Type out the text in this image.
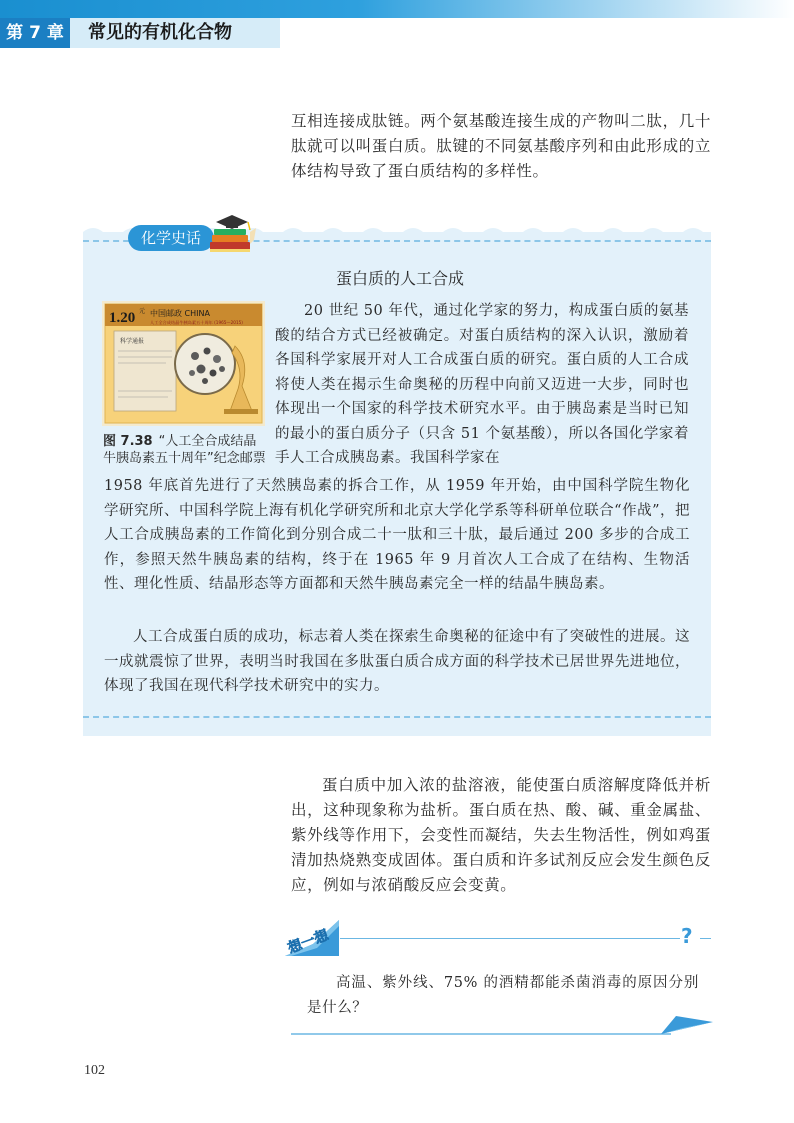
第 7 章	常见的有机化合物

互相连接成肽链。两个氨基酸连接生成的产物叫二肽，几十肽就可以叫蛋白质。肽键的不同氨基酸序列和由此形成的立体结构导致了蛋白质结构的多样性。

化学史话

蛋白质的人工合成

1.20 元 中国邮政 CHINA
人工全合成结晶牛胰岛素五十周年 (1965—2015)
科学通报
图 7.38 “人工全合成结晶牛胰岛素五十周年”纪念邮票

20 世纪 50 年代，通过化学家的努力，构成蛋白质的氨基酸的结合方式已经被确定。对蛋白质结构的深入认识，激励着各国科学家展开对人工合成蛋白质的研究。蛋白质的人工合成将使人类在揭示生命奥秘的历程中向前又迈进一大步，同时也体现出一个国家的科学技术研究水平。由于胰岛素是当时已知的最小的蛋白质分子（只含 51 个氨基酸），所以各国化学家着手人工合成胰岛素。我国科学家在

1958 年底首先进行了天然胰岛素的拆合工作，从 1959 年开始，由中国科学院生物化学研究所、中国科学院上海有机化学研究所和北京大学化学系等科研单位联合“作战”，把人工合成胰岛素的工作简化到分别合成二十一肽和三十肽，最后通过 200 多步的合成工作，参照天然牛胰岛素的结构，终于在 1965 年 9 月首次人工合成了在结构、生物活性、理化性质、结晶形态等方面都和天然牛胰岛素完全一样的结晶牛胰岛素。

人工合成蛋白质的成功，标志着人类在探索生命奥秘的征途中有了突破性的进展。这一成就震惊了世界，表明当时我国在多肽蛋白质合成方面的科学技术已居世界先进地位，体现了我国在现代科学技术研究中的实力。

蛋白质中加入浓的盐溶液，能使蛋白质溶解度降低并析出，这种现象称为盐析。蛋白质在热、酸、碱、重金属盐、紫外线等作用下，会变性而凝结，失去生物活性，例如鸡蛋清加热烧熟变成固体。蛋白质和许多试剂反应会发生颜色反应，例如与浓硝酸反应会变黄。

想一想	?

高温、紫外线、75% 的酒精都能杀菌消毒的原因分别是什么？

102
